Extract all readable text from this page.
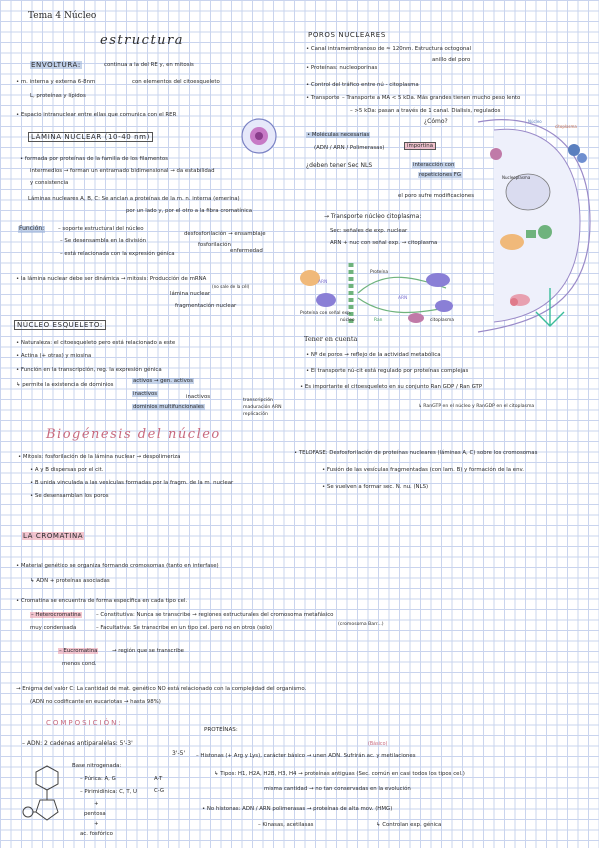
Tema 4 Núcleo
estructura
ENVOLTURA:	continua a la del RE y, en mitosis
• m. interna y externa 6-8nm	con elementos del citoesqueleto
L, proteínas y lípidos
• Espacio intranuclear entre ellas que comunica con el RER
LÁMINA NUCLEAR (10-40 nm)
• formada por proteínas de la familia de los filamentos
intermedios → forman un entramado bidimensional → da estabilidad
y consistencia
Láminas nucleares A, B, C: Se anclan a proteínas de la m. n. interna (emerina)
por un lado y, por el otro a la fibra cromatínica
Función:	– soporte estructural del núcleo
– Se desensambla en la división
– está relacionada con la expresión génica
desfosforilación → ensamblaje
fosforilación
enfermedad
• la lámina nuclear debe ser dinámica → mitosis: Producción de mRNA
(no sale de la cél)
lámina nuclear
fragmentación nuclear
NÚCLEO ESQUELETO:
• Naturaleza: el citoesqueleto pero está relacionado a este
• Actina (+ otras) y miosina
• Función en la transcripción, reg. la expresión génica
↳ permite la existencia de dominios
activos → gen. activos
inactivos	inactivos
dominios multifuncionales
transcripción
maduración ARN
replicación
Biogénesis del núcleo
• Mitosis: fosforilación de la lámina nuclear → despolimeriza
• A y B dispersas por el cit.
• B unida vinculada a las vesículas formadas por la fragm. de la m. nuclear
• Se desensamblan los poros
LA CROMATINA
• Material genético se organiza formando cromosomas (tanto en interfase)
↳ ADN + proteínas asociadas
• Cromatina se encuentra de forma específica en cada tipo cel.
– Heterocromatina	– Constitutiva: Nunca se transcribe → regiones estructurales del cromosoma metafásico
muy condensada	– Facultativa: Se transcribe en un tipo cel. pero no en otros (solo)
(cromosoma Barr...)
– Eucromatina	→ región que se transcribe
menos cond.
→ Enigma del valor C: La cantidad de mat. genético NO está relacionado con la complejidad del organismo.
(ADN no codificante en eucariotas → hasta 98%)
COMPOSICIÓN:
– ADN: 2 cadenas antiparalelas: 5'-3'
3'-5'
Base nitrogenada:
– Púrica: A, G
– Pirimidínica: C, T, U
+
pentosa
+
ac. fosfórico
A-T
C-G
POROS NUCLEARES
• Canal intramembranoso de ≈ 120nm. Estructura octogonal
anillo del poro
• Proteínas: nucleoporinas
• Control del tráfico entre nú - citoplasma
• Transporte – Transporte a MA < 5 kDa. Más grandes tienen mucho peso lento
– >5 kDa: pasan a través de 1 canal. Dialisis, regulados
¿Cómo?
• Moléculas necesarias
(ADN / ARN / Polimerasas)	importina
¿deben tener Sec NLS	interacción con
repeticiones FG
el poro sufre modificaciones
→ Transporte núcleo citoplasma:
Sec: señales de exp. nuclear
ARN + nuc con señal exp. → citoplasma
Núcleo
citoplasma
Nucleoplasma
ARN
Proteína con señal exp.
ARN
Proteína
Ran
núcleo	citoplasma
Tener en cuenta
• Nº de poros → reflejo de la actividad metabólica
• El transporte nú-cit está regulado por proteínas complejas
• Es importante el citoesqueleto en su conjunto Ran GDP / Ran GTP
↳ RanGTP en el núcleo y RanGDP en el citoplasma
• TELOFASE: Desfosforilación de proteínas nucleares (láminas A, C) sobre los cromosomas
• Fusión de las vesículas fragmentadas (con lam. B) y formación de la env.
• Se vuelven a formar sec. N. nu. (NLS)
PROTEÍNAS:
– Histonas (+ Arg y Lys), carácter básico → unen ADN. Sufrirán ac. y metilaciones
(Básico)
↳ Tipos: H1, H2A, H2B, H3, H4 → proteínas antiguas (Sec. común en casi todos los tipos cel.)
misma cantidad → no tan conservadas en la evolución
• No histonas: ADN / ARN polimerasas → proteínas de alta mov. (HMG)
– Kinasas, acetilasas	↳ Controlan exp. génica
